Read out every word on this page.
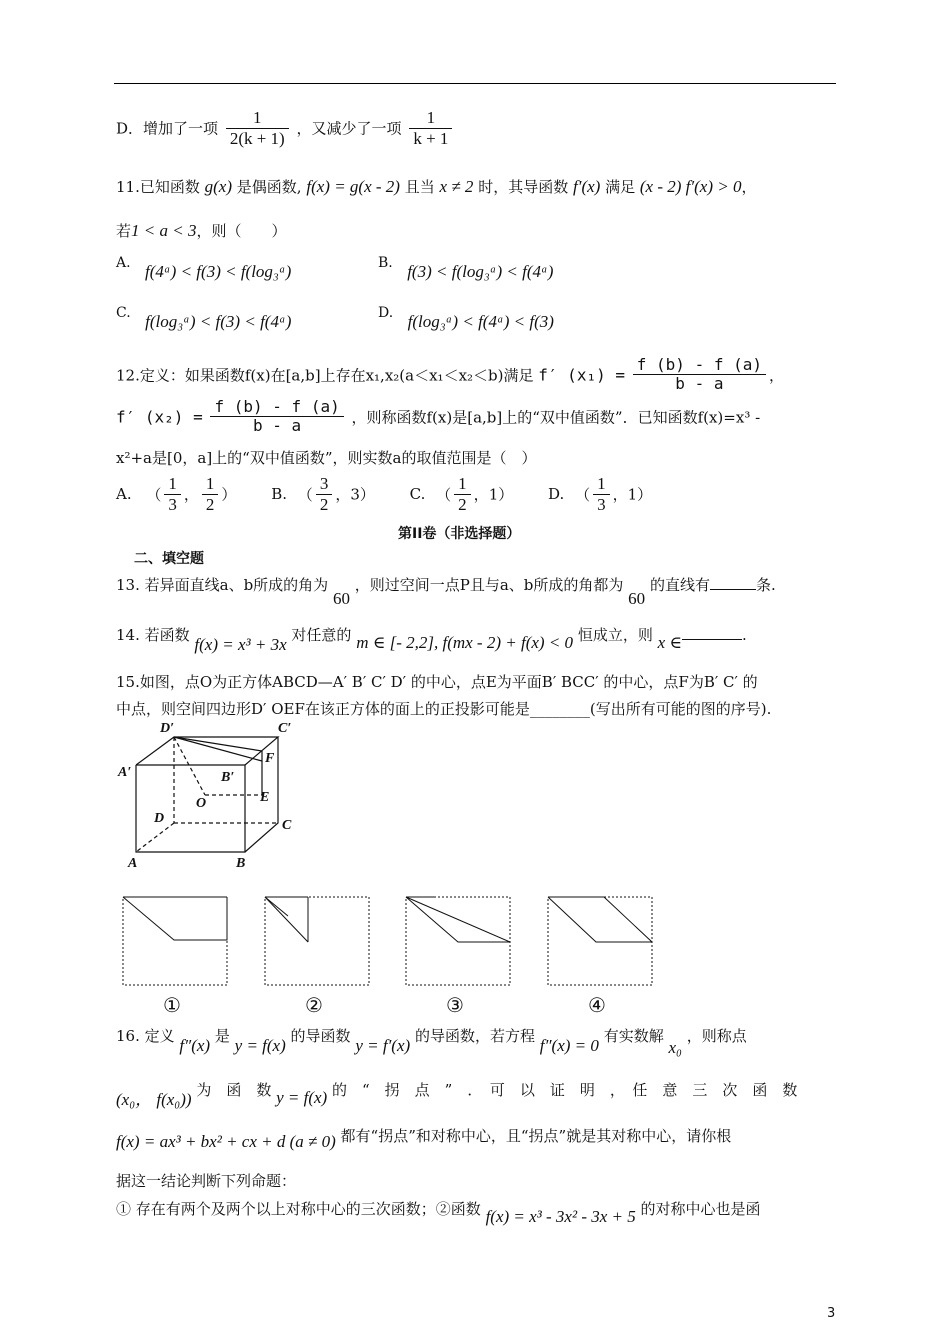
D．增加了一项 $\frac{1}{2(k + 1)}$ ，又减少了一项 $\frac{1}{k + 1}$
11.已知函数 g(x) 是偶函数, f(x) = g(x - 2) 且当 x ≠ 2 时，其导函数 f′(x) 满足 (x - 2) f′(x) > 0，
若1 < a < 3，则（　　）
A. f(4ᵃ) < f(3) < f(log₃ᵃ)	B. f(3) < f(log₃ᵃ) < f(4ᵃ)
C. f(log₃ᵃ) < f(3) < f(4ᵃ)	D. f(log₃ᵃ) < f(4ᵃ) < f(3)
12.定义：如果函数f(x)在[a,b]上存在x₁,x₂(a＜x₁＜x₂＜b)满足 f′ $(x_1) = \frac{f (b) - f (a)}{b - a}$ ，
f′ $(x_2) = \frac{f (b) - f (a)}{b - a}$ ，则称函数f(x)是[a,b]上的“双中值函数”．已知函数f(x)=x³ -
x²+a是[0，a]上的“双中值函数”，则实数a的取值范围是（　）
A. （ $\frac{1}{3}$ ， $\frac{1}{2}$ ） B. （ $\frac{3}{2}$ ，3） C. （ $\frac{1}{2}$ ，1） D. （ $\frac{1}{3}$ ，1）
第II卷（非选择题）
二、填空题
13. 若异面直线a、b所成的角为 60 ，则过空间一点P且与a、b所成的角都为 60 的直线有	条.
14. 若函数 f(x) = x³ + 3x 对任意的 m ∈ [- 2,2], f(mx - 2) + f(x) < 0 恒成立，则 x ∈	.
15.如图，点O为正方体ABCD—A′ B′ C′ D′ 的中心，点E为平面B′ BCC′ 的中心，点F为B′ C′ 的
中点，则空间四边形D′ OEF在该正方体的面上的正投影可能是________(写出所有可能的图的序号).
D′	C′
A′	B′
F
E
O
D	C
A	B
①	②	③	④
16. 定义 f″(x) 是 y = f(x) 的导函数 y = f′(x) 的导函数，若方程 f″(x) = 0 有实数解 x₀ ，则称点
(x₀， f(x₀)) 为　函　数 y = f(x) 的　“　拐　点　”　．　可　以　证　明　，　任　意　三　次　函　数
f(x) = ax³ + bx² + cx + d (a ≠ 0) 都有“拐点”和对称中心，且“拐点”就是其对称中心，请你根
据这一结论判断下列命题：
① 存在有两个及两个以上对称中心的三次函数；②函数 f(x) = x³ - 3x² - 3x + 5 的对称中心也是函
3
